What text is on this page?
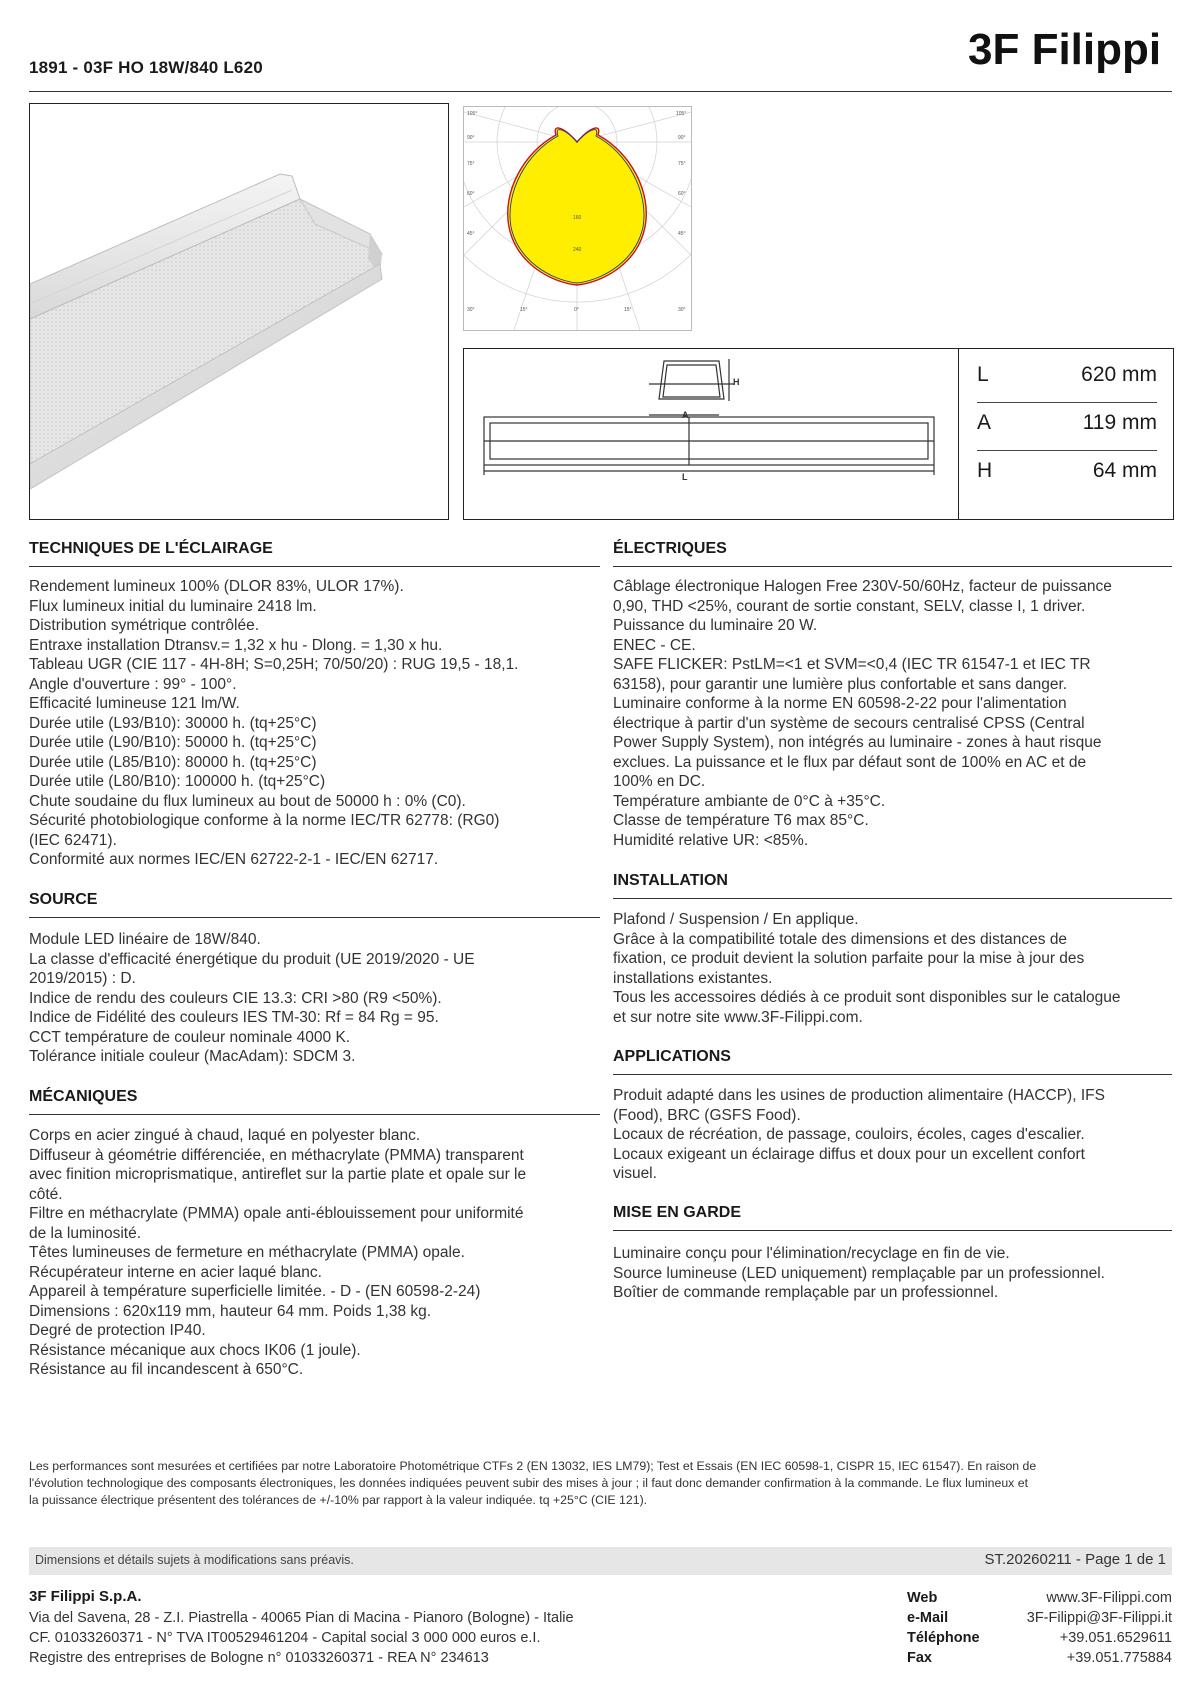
1891 - 03F HO 18W/840 L620	3F Filippi
105°
90°
75°
60°
45°
105°
90°
75°
60°
45°
30°	15°	0°	15°	30°
160
240
H
A
L
L	620 mm
A	119 mm
H	64 mm
TECHNIQUES DE L'ÉCLAIRAGE
Rendement lumineux 100% (DLOR 83%, ULOR 17%).
Flux lumineux initial du luminaire 2418 lm.
Distribution symétrique contrôlée.
Entraxe installation Dtransv.= 1,32 x hu - Dlong. = 1,30 x hu.
Tableau UGR (CIE 117 - 4H-8H; S=0,25H; 70/50/20) : RUG 19,5 - 18,1.
Angle d'ouverture : 99° - 100°.
Efficacité lumineuse 121 lm/W.
Durée utile (L93/B10): 30000 h. (tq+25°C)
Durée utile (L90/B10): 50000 h. (tq+25°C)
Durée utile (L85/B10): 80000 h. (tq+25°C)
Durée utile (L80/B10): 100000 h. (tq+25°C)
Chute soudaine du flux lumineux au bout de 50000 h : 0% (C0).
Sécurité photobiologique conforme à la norme IEC/TR 62778: (RG0)
(IEC 62471).
Conformité aux normes IEC/EN 62722-2-1 - IEC/EN 62717.
SOURCE
Module LED linéaire de 18W/840.
La classe d'efficacité énergétique du produit (UE 2019/2020 - UE
2019/2015) : D.
Indice de rendu des couleurs CIE 13.3: CRI >80 (R9 <50%).
Indice de Fidélité des couleurs IES TM-30: Rf = 84 Rg = 95.
CCT température de couleur nominale 4000 K.
Tolérance initiale couleur (MacAdam): SDCM 3.
MÉCANIQUES
Corps en acier zingué à chaud, laqué en polyester blanc.
Diffuseur à géométrie différenciée, en méthacrylate (PMMA) transparent
avec finition microprismatique, antireflet sur la partie plate et opale sur le
côté.
Filtre en méthacrylate (PMMA) opale anti-éblouissement pour uniformité
de la luminosité.
Têtes lumineuses de fermeture en méthacrylate (PMMA) opale.
Récupérateur interne en acier laqué blanc.
Appareil à température superficielle limitée. - D - (EN 60598-2-24)
Dimensions : 620x119 mm, hauteur 64 mm. Poids 1,38 kg.
Degré de protection IP40.
Résistance mécanique aux chocs IK06 (1 joule).
Résistance au fil incandescent à 650°C.
ÉLECTRIQUES
Câblage électronique Halogen Free 230V-50/60Hz, facteur de puissance
0,90, THD <25%, courant de sortie constant, SELV, classe I, 1 driver.
Puissance du luminaire 20 W.
ENEC - CE.
SAFE FLICKER: PstLM=<1 et SVM=<0,4 (IEC TR 61547-1 et IEC TR
63158), pour garantir une lumière plus confortable et sans danger.
Luminaire conforme à la norme EN 60598-2-22 pour l'alimentation
électrique à partir d'un système de secours centralisé CPSS (Central
Power Supply System), non intégrés au luminaire - zones à haut risque
exclues. La puissance et le flux par défaut sont de 100% en AC et de
100% en DC.
Température ambiante de 0°C à +35°C.
Classe de température T6 max 85°C.
Humidité relative UR: <85%.
INSTALLATION
Plafond / Suspension / En applique.
Grâce à la compatibilité totale des dimensions et des distances de
fixation, ce produit devient la solution parfaite pour la mise à jour des
installations existantes.
Tous les accessoires dédiés à ce produit sont disponibles sur le catalogue
et sur notre site www.3F-Filippi.com.
APPLICATIONS
Produit adapté dans les usines de production alimentaire (HACCP), IFS
(Food), BRC (GSFS Food).
Locaux de récréation, de passage, couloirs, écoles, cages d'escalier.
Locaux exigeant un éclairage diffus et doux pour un excellent confort
visuel.
MISE EN GARDE
Luminaire conçu pour l'élimination/recyclage en fin de vie.
Source lumineuse (LED uniquement) remplaçable par un professionnel.
Boîtier de commande remplaçable par un professionnel.
Les performances sont mesurées et certifiées par notre Laboratoire Photométrique CTFs 2 (EN 13032, IES LM79); Test et Essais (EN IEC 60598-1, CISPR 15, IEC 61547). En raison de
l'évolution technologique des composants électroniques, les données indiquées peuvent subir des mises à jour ; il faut donc demander confirmation à la commande. Le flux lumineux et
la puissance électrique présentent des tolérances de +/-10% par rapport à la valeur indiquée. tq +25°C (CIE 121).
Dimensions et détails sujets à modifications sans préavis.	ST.20260211 - Page 1 de 1
3F Filippi S.p.A.
Via del Savena, 28 - Z.I. Piastrella - 40065 Pian di Macina - Pianoro (Bologne) - Italie
CF. 01033260371 - N° TVA IT00529461204 - Capital social 3 000 000 euros e.I.
Registre des entreprises de Bologne n° 01033260371 - REA N° 234613
Web	www.3F-Filippi.com
e-Mail	3F-Filippi@3F-Filippi.it
Téléphone	+39.051.6529611
Fax	+39.051.775884
